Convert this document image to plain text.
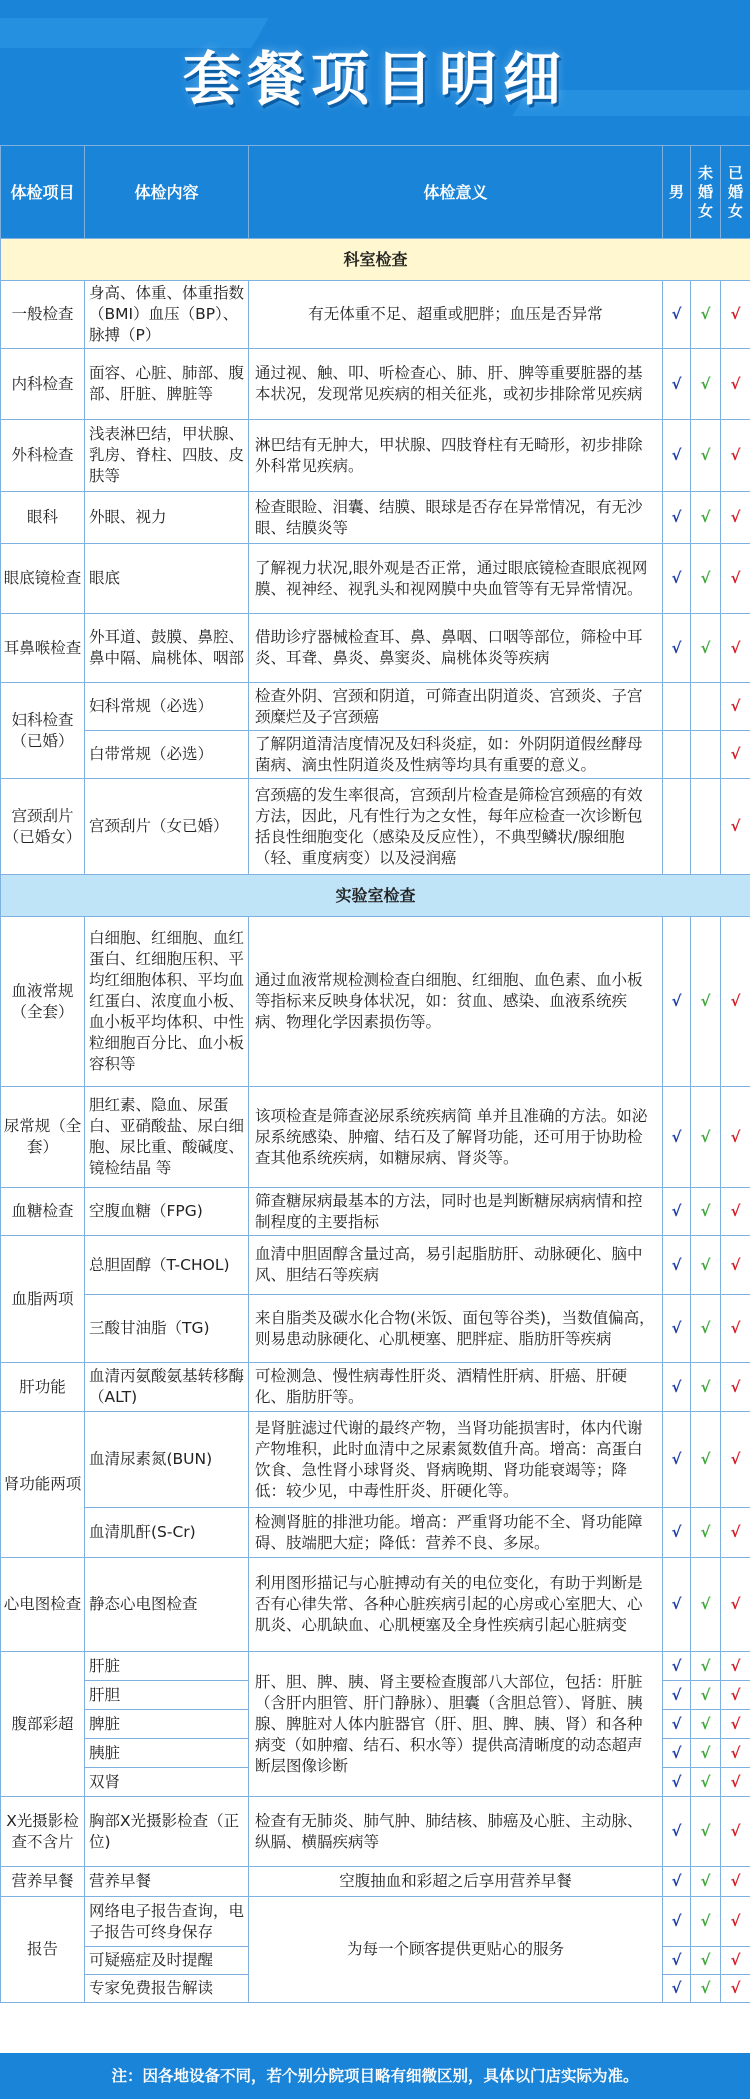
套餐项目明细
体检项目	体检内容	体检意义	男	未婚女	已婚女
科室检查					
一般检查	身高、体重、体重指数（BMI）血压（BP）、脉搏（P）	有无体重不足、超重或肥胖；血压是否异常	√	√	√
内科检查	面容、心脏、肺部、腹部、肝脏、脾脏等	通过视、触、叩、听检查心、肺、肝、脾等重要脏器的基本状况，发现常见疾病的相关征兆，或初步排除常见疾病	√	√	√
外科检查	浅表淋巴结，甲状腺、乳房、脊柱、四肢、皮肤等	淋巴结有无肿大，甲状腺、四肢脊柱有无畸形，初步排除外科常见疾病。	√	√	√
眼科	外眼、视力	检查眼睑、泪囊、结膜、眼球是否存在异常情况，有无沙眼、结膜炎等	√	√	√
眼底镜检查	眼底	了解视力状况,眼外观是否正常，通过眼底镜检查眼底视网膜、视神经、视乳头和视网膜中央血管等有无异常情况。	√	√	√
耳鼻喉检查	外耳道、鼓膜、鼻腔、鼻中隔、扁桃体、咽部	借助诊疗器械检查耳、鼻、鼻咽、口咽等部位，筛检中耳炎、耳聋、鼻炎、鼻窦炎、扁桃体炎等疾病	√	√	√
妇科检查（已婚）	妇科常规（必选）	检查外阴、宫颈和阴道，可筛查出阴道炎、宫颈炎、子宫颈糜烂及子宫颈癌			√
	白带常规（必选）	了解阴道清洁度情况及妇科炎症，如：外阴阴道假丝酵母菌病、滴虫性阴道炎及性病等均具有重要的意义。			√
宫颈刮片（已婚女）	宫颈刮片（女已婚）	宫颈癌的发生率很高，宫颈刮片检查是筛检宫颈癌的有效方法，因此，凡有性行为之女性，每年应检查一次诊断包括良性细胞变化（感染及反应性），不典型鳞状/腺细胞（轻、重度病变）以及浸润癌			√
实验室检查					
血液常规（全套）	白细胞、红细胞、血红蛋白、红细胞压积、平均红细胞体积、平均血红蛋白、浓度血小板、血小板平均体积、中性粒细胞百分比、血小板容积等	通过血液常规检测检查白细胞、红细胞、血色素、血小板等指标来反映身体状况，如：贫血、感染、血液系统疾病、物理化学因素损伤等。	√	√	√
尿常规（全套）	胆红素、隐血、尿蛋白、亚硝酸盐、尿白细胞、尿比重、酸碱度、镜检结晶 等	该项检查是筛查泌尿系统疾病简 单并且准确的方法。如泌尿系统感染、肿瘤、结石及了解肾功能，还可用于协助检查其他系统疾病，如糖尿病、肾炎等。	√	√	√
血糖检查	空腹血糖（FPG)	筛查糖尿病最基本的方法，同时也是判断糖尿病病情和控制程度的主要指标	√	√	√
血脂两项	总胆固醇（T-CHOL)	血清中胆固醇含量过高，易引起脂肪肝、动脉硬化、脑中风、胆结石等疾病	√	√	√
	三酸甘油脂（TG)	来自脂类及碳水化合物(米饭、面包等谷类)，当数值偏高，则易患动脉硬化、心肌梗塞、肥胖症、脂肪肝等疾病	√	√	√
肝功能	血清丙氨酸氨基转移酶（ALT)	可检测急、慢性病毒性肝炎、酒精性肝病、肝癌、肝硬化、脂肪肝等。	√	√	√
肾功能两项	血清尿素氮(BUN)	是肾脏滤过代谢的最终产物，当肾功能损害时，体内代谢产物堆积，此时血清中之尿素氮数值升高。增高：高蛋白饮食、急性肾小球肾炎、肾病晚期、肾功能衰竭等；降低：较少见，中毒性肝炎、肝硬化等。	√	√	√
	血清肌酐(S-Cr)	检测肾脏的排泄功能。增高：严重肾功能不全、肾功能障碍、肢端肥大症；降低：营养不良、多尿。	√	√	√
心电图检查	静态心电图检查	利用图形描记与心脏搏动有关的电位变化，有助于判断是否有心律失常、各种心脏疾病引起的心房或心室肥大、心肌炎、心肌缺血、心肌梗塞及全身性疾病引起心脏病变	√	√	√
腹部彩超	肝脏	肝、胆、脾、胰、肾主要检查腹部八大部位，包括：肝脏（含肝内胆管、肝门静脉）、胆囊（含胆总管）、肾脏、胰腺、脾脏对人体内脏器官（肝、胆、脾、胰、肾）和各种病变（如肿瘤、结石、积水等）提供高清晰度的动态超声断层图像诊断	√	√	√
	肝胆		√	√	√
	脾脏		√	√	√
	胰脏		√	√	√
	双肾		√	√	√
X光摄影检查不含片	胸部X光摄影检查（正位)	检查有无肺炎、肺气肿、肺结核、肺癌及心脏、主动脉、纵膈、横膈疾病等	√	√	√
营养早餐	营养早餐	空腹抽血和彩超之后享用营养早餐	√	√	√
报告	网络电子报告查询，电子报告可终身保存	为每一个顾客提供更贴心的服务	√	√	√
	可疑癌症及时提醒		√	√	√
	专家免费报告解读		√	√	√
注：因各地设备不同，若个别分院项目略有细微区别，具体以门店实际为准。
